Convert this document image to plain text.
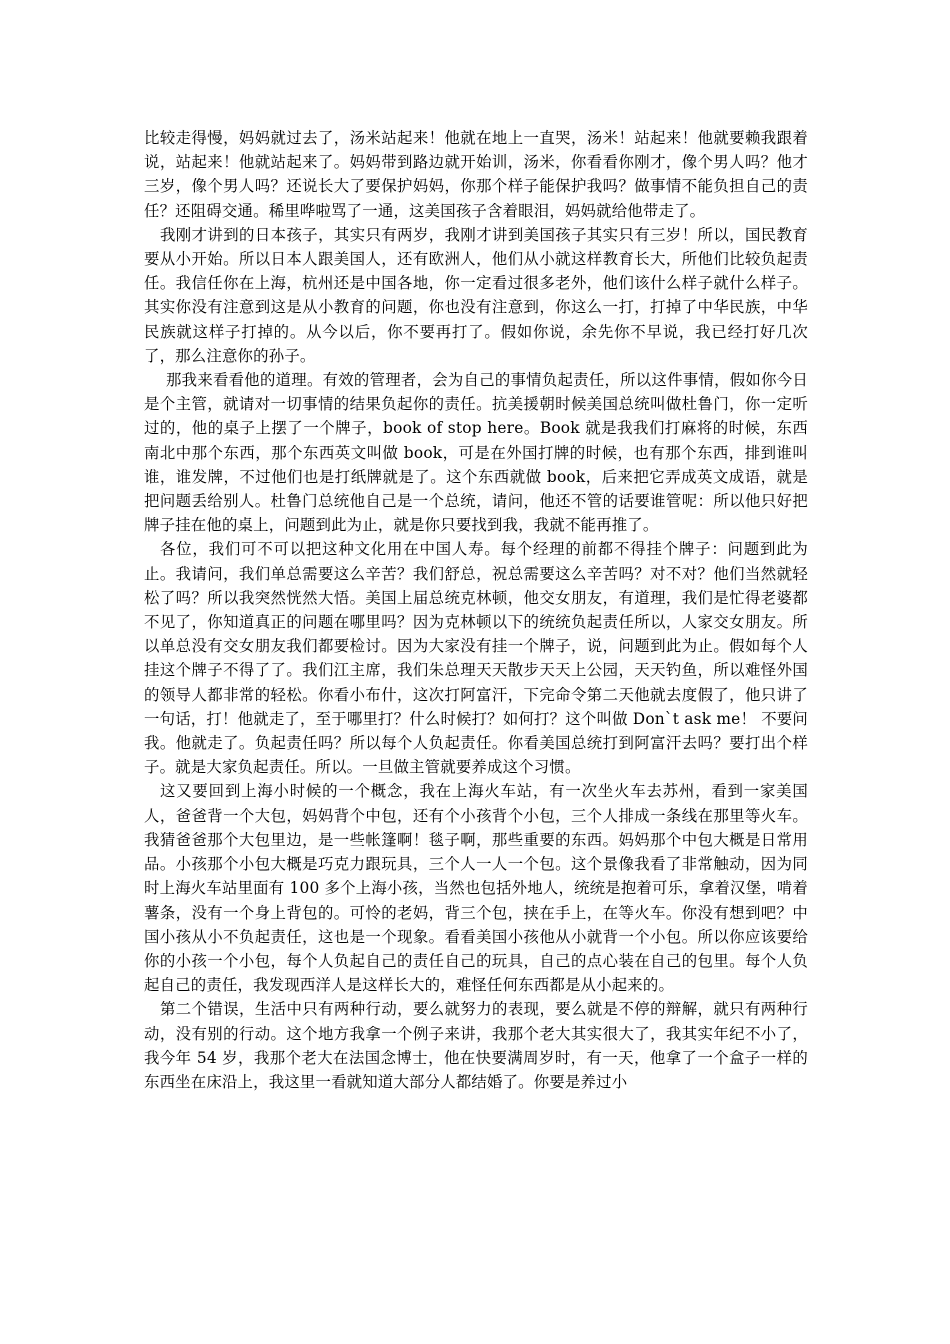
比较走得慢，妈妈就过去了，汤米站起来！他就在地上一直哭，汤米！站起来！他就要赖我跟着说，站起来！他就站起来了。妈妈带到路边就开始训，汤米，你看看你刚才，像个男人吗？他才三岁，像个男人吗？还说长大了要保护妈妈，你那个样子能保护我吗？做事情不能负担自己的责任？还阻碍交通。稀里哗啦骂了一通，这美国孩子含着眼泪，妈妈就给他带走了。

我刚才讲到的日本孩子，其实只有两岁，我刚才讲到美国孩子其实只有三岁！所以，国民教育要从小开始。所以日本人跟美国人，还有欧洲人，他们从小就这样教育长大，所他们比较负起责任。我信任你在上海，杭州还是中国各地，你一定看过很多老外，他们该什么样子就什么样子。其实你没有注意到这是从小教育的问题，你也没有注意到，你这么一打，打掉了中华民族，中华民族就这样子打掉的。从今以后，你不要再打了。假如你说，余先你不早说，我已经打好几次了，那么注意你的孙子。

那我来看看他的道理。有效的管理者，会为自己的事情负起责任，所以这件事情，假如你今日是个主管，就请对一切事情的结果负起你的责任。抗美援朝时候美国总统叫做杜鲁门，你一定听过的，他的桌子上摆了一个牌子，book of stop here。Book 就是我我们打麻将的时候，东西南北中那个东西，那个东西英文叫做 book，可是在外国打牌的时候，也有那个东西，排到谁叫谁，谁发牌，不过他们也是打纸牌就是了。这个东西就做 book，后来把它弄成英文成语，就是把问题丢给别人。杜鲁门总统他自己是一个总统，请问，他还不管的话要谁管呢：所以他只好把牌子挂在他的桌上，问题到此为止，就是你只要找到我，我就不能再推了。

各位，我们可不可以把这种文化用在中国人寿。每个经理的前都不得挂个牌子：问题到此为止。我请问，我们单总需要这么辛苦？我们舒总，祝总需要这么辛苦吗？对不对？他们当然就轻松了吗？所以我突然恍然大悟。美国上届总统克林顿，他交女朋友，有道理，我们是忙得老婆都不见了，你知道真正的问题在哪里吗？因为克林顿以下的统统负起责任所以，人家交女朋友。所以单总没有交女朋友我们都要检讨。因为大家没有挂一个牌子，说，问题到此为止。假如每个人挂这个牌子不得了了。我们江主席，我们朱总理天天散步天天上公园，天天钓鱼，所以难怪外国的领导人都非常的轻松。你看小布什，这次打阿富汗，下完命令第二天他就去度假了，他只讲了一句话，打！他就走了，至于哪里打？什么时候打？如何打？这个叫做 Don`t ask me！ 不要问我。他就走了。负起责任吗？所以每个人负起责任。你看美国总统打到阿富汗去吗？要打出个样子。就是大家负起责任。所以。一旦做主管就要养成这个习惯。

这又要回到上海小时候的一个概念，我在上海火车站，有一次坐火车去苏州，看到一家美国人，爸爸背一个大包，妈妈背个中包，还有个小孩背个小包，三个人排成一条线在那里等火车。我猜爸爸那个大包里边，是一些帐篷啊！毯子啊，那些重要的东西。妈妈那个中包大概是日常用品。小孩那个小包大概是巧克力跟玩具，三个人一人一个包。这个景像我看了非常触动，因为同时上海火车站里面有 100 多个上海小孩，当然也包括外地人，统统是抱着可乐，拿着汉堡，啃着薯条，没有一个身上背包的。可怜的老妈，背三个包，挟在手上，在等火车。你没有想到吧？中国小孩从小不负起责任，这也是一个现象。看看美国小孩他从小就背一个小包。所以你应该要给你的小孩一个小包，每个人负起自己的责任自己的玩具，自己的点心装在自己的包里。每个人负起自己的责任，我发现西洋人是这样长大的，难怪任何东西都是从小起来的。

第二个错误，生活中只有两种行动，要么就努力的表现，要么就是不停的辩解，就只有两种行动，没有别的行动。这个地方我拿一个例子来讲，我那个老大其实很大了，我其实年纪不小了，我今年 54 岁，我那个老大在法国念博士，他在快要满周岁时，有一天，他拿了一个盒子一样的东西坐在床沿上，我这里一看就知道大部分人都结婚了。你要是养过小
